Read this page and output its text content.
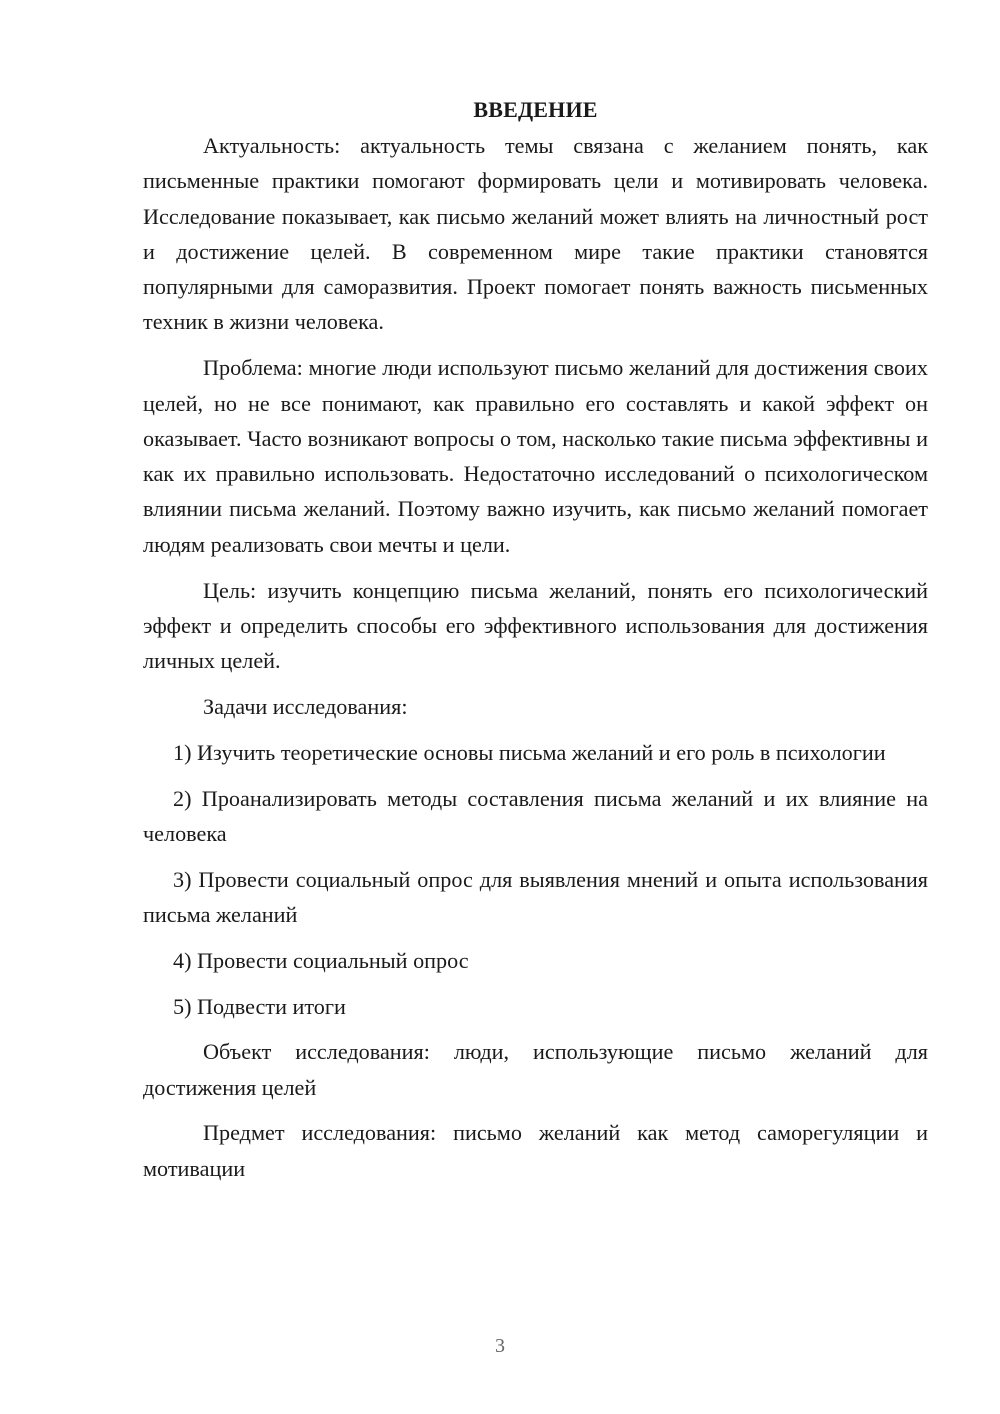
ВВЕДЕНИЕ

Актуальность: актуальность темы связана с желанием понять, как письменные практики помогают формировать цели и мотивировать человека. Исследование показывает, как письмо желаний может влиять на личностный рост и достижение целей. В современном мире такие практики становятся популярными для саморазвития. Проект помогает понять важность письменных техник в жизни человека.

Проблема: многие люди используют письмо желаний для достижения своих целей, но не все понимают, как правильно его составлять и какой эффект он оказывает. Часто возникают вопросы о том, насколько такие письма эффективны и как их правильно использовать. Недостаточно исследований о психологическом влиянии письма желаний. Поэтому важно изучить, как письмо желаний помогает людям реализовать свои мечты и цели.

Цель: изучить концепцию письма желаний, понять его психологический эффект и определить способы его эффективного использования для достижения личных целей.

Задачи исследования:

1) Изучить теоретические основы письма желаний и его роль в психологии

2) Проанализировать методы составления письма желаний и их влияние на человека

3) Провести социальный опрос для выявления мнений и опыта использования письма желаний

4) Провести социальный опрос

5) Подвести итоги

Объект исследования: люди, использующие письмо желаний для достижения целей

Предмет исследования: письмо желаний как метод саморегуляции и мотивации

3
